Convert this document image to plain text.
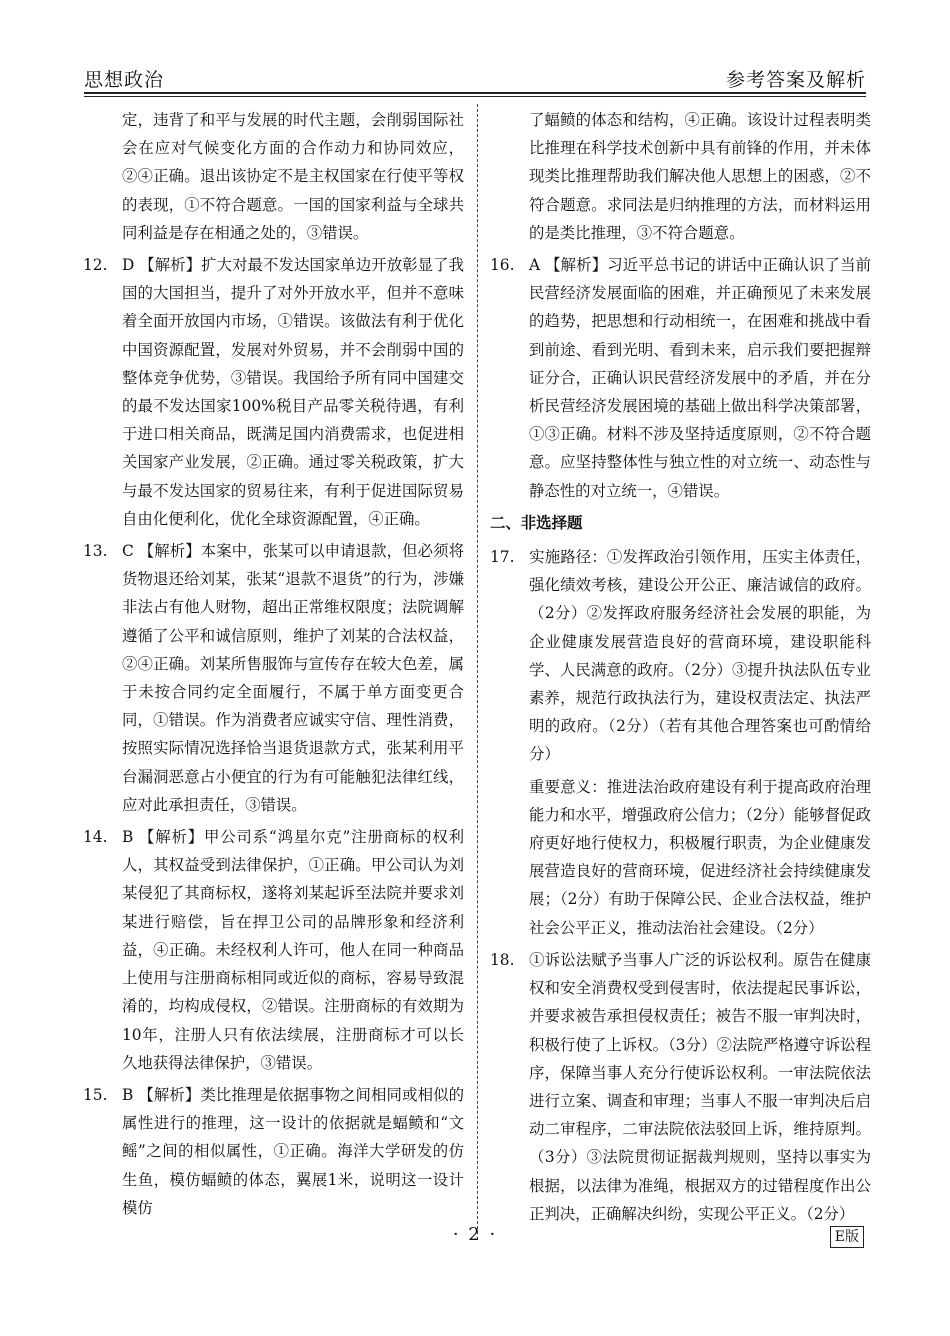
思想政治	参考答案及解析
定，违背了和平与发展的时代主题，会削弱国际社会在应对气候变化方面的合作动力和协同效应，②④正确。退出该协定不是主权国家在行使平等权的表现，①不符合题意。一国的国家利益与全球共同利益是存在相通之处的，③错误。
12. D 【解析】扩大对最不发达国家单边开放彰显了我国的大国担当，提升了对外开放水平，但并不意味着全面开放国内市场，①错误。该做法有利于优化中国资源配置，发展对外贸易，并不会削弱中国的整体竞争优势，③错误。我国给予所有同中国建交的最不发达国家100%税目产品零关税待遇，有利于进口相关商品，既满足国内消费需求，也促进相关国家产业发展，②正确。通过零关税政策，扩大与最不发达国家的贸易往来，有利于促进国际贸易自由化便利化，优化全球资源配置，④正确。
13. C 【解析】本案中，张某可以申请退款，但必须将货物退还给刘某，张某“退款不退货”的行为，涉嫌非法占有他人财物，超出正常维权限度；法院调解遵循了公平和诚信原则，维护了刘某的合法权益，②④正确。刘某所售服饰与宣传存在较大色差，属于未按合同约定全面履行，不属于单方面变更合同，①错误。作为消费者应诚实守信、理性消费，按照实际情况选择恰当退货退款方式，张某利用平台漏洞恶意占小便宜的行为有可能触犯法律红线，应对此承担责任，③错误。
14. B 【解析】甲公司系“鸿星尔克”注册商标的权利人，其权益受到法律保护，①正确。甲公司认为刘某侵犯了其商标权，遂将刘某起诉至法院并要求刘某进行赔偿，旨在捍卫公司的品牌形象和经济利益，④正确。未经权利人许可，他人在同一种商品上使用与注册商标相同或近似的商标，容易导致混淆的，均构成侵权，②错误。注册商标的有效期为10年，注册人只有依法续展，注册商标才可以长久地获得法律保护，③错误。
15. B 【解析】类比推理是依据事物之间相同或相似的属性进行的推理，这一设计的依据就是蝠鲼和“文鳐”之间的相似属性，①正确。海洋大学研发的仿生鱼，模仿蝠鲼的体态，翼展1米，说明这一设计模仿
了蝠鲼的体态和结构，④正确。该设计过程表明类比推理在科学技术创新中具有前锋的作用，并未体现类比推理帮助我们解决他人思想上的困惑，②不符合题意。求同法是归纳推理的方法，而材料运用的是类比推理，③不符合题意。
16. A 【解析】习近平总书记的讲话中正确认识了当前民营经济发展面临的困难，并正确预见了未来发展的趋势，把思想和行动相统一，在困难和挑战中看到前途、看到光明、看到未来，启示我们要把握辩证分合，正确认识民营经济发展中的矛盾，并在分析民营经济发展困境的基础上做出科学决策部署，①③正确。材料不涉及坚持适度原则，②不符合题意。应坚持整体性与独立性的对立统一、动态性与静态性的对立统一，④错误。
二、非选择题
17. 实施路径：①发挥政治引领作用，压实主体责任，强化绩效考核，建设公开公正、廉洁诚信的政府。（2分）②发挥政府服务经济社会发展的职能，为企业健康发展营造良好的营商环境，建设职能科学、人民满意的政府。（2分）③提升执法队伍专业素养，规范行政执法行为，建设权责法定、执法严明的政府。（2分）（若有其他合理答案也可酌情给分）
重要意义：推进法治政府建设有利于提高政府治理能力和水平，增强政府公信力；（2分）能够督促政府更好地行使权力，积极履行职责，为企业健康发展营造良好的营商环境，促进经济社会持续健康发展；（2分）有助于保障公民、企业合法权益，维护社会公平正义，推动法治社会建设。（2分）
18. ①诉讼法赋予当事人广泛的诉讼权利。原告在健康权和安全消费权受到侵害时，依法提起民事诉讼，并要求被告承担侵权责任；被告不服一审判决时，积极行使了上诉权。（3分）②法院严格遵守诉讼程序，保障当事人充分行使诉讼权利。一审法院依法进行立案、调查和审理；当事人不服一审判决后启动二审程序，二审法院依法驳回上诉，维持原判。（3分）③法院贯彻证据裁判规则，坚持以事实为根据，以法律为准绳，根据双方的过错程度作出公正判决，正确解决纠纷，实现公平正义。（2分）
· 2 ·	E版
